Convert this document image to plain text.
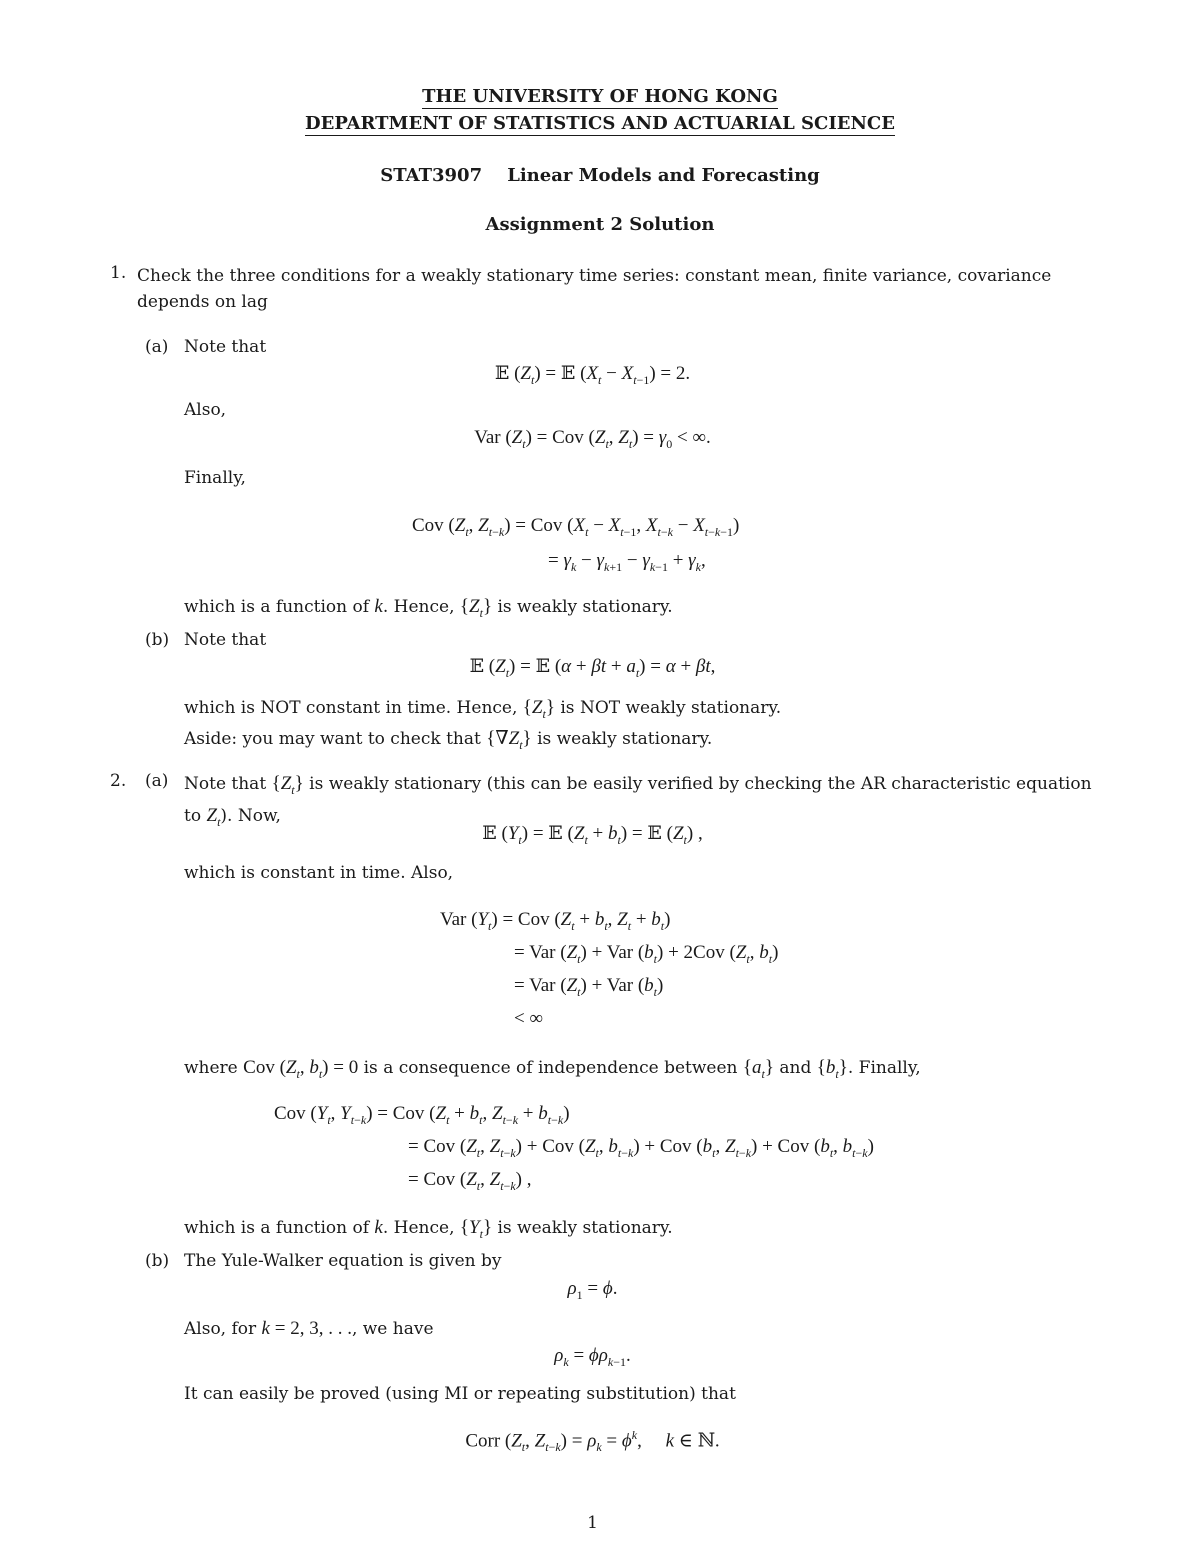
THE UNIVERSITY OF HONG KONG
DEPARTMENT OF STATISTICS AND ACTUARIAL SCIENCE
STAT3907 Linear Models and Forecasting
Assignment 2 Solution
1. Check the three conditions for a weakly stationary time series: constant mean, finite variance, covariance depends on lag
(a) Note that
𝔼 $(Z_t)$ = 𝔼 $(X_t - X_{t-1}) = 2$.
Also,
Var $(Z_t)$ = Cov ($Z_t$, $Z_t) = \gamma_0$ < ∞.
Finally,
Cov ($Z_t$, $Z_{t-k}$) = Cov ($X_t - X_{t-1}$, $X_{t-k} - X_{t-k-1}$)
= $\gamma_k - \gamma_{k+1} - \gamma_{k-1} + \gamma_k$,
which is a function of k. Hence, $\{Z_t\}$ is weakly stationary.
(b) Note that
𝔼 $(Z_t)$ = 𝔼 $(\alpha + \beta t + a_t) = \alpha + \beta t$,
which is NOT constant in time. Hence, $\{Z_t\}$ is NOT weakly stationary.
Aside: you may want to check that $\{\nabla Z_t\}$ is weakly stationary.
2. (a) Note that $\{Z_t\}$ is weakly stationary (this can be easily verified by checking the AR characteristic equation to $Z_t$). Now,
𝔼 $(Y_t)$ = 𝔼 $(Z_t + b_t)$ = 𝔼 $(Z_t)$ ,
which is constant in time. Also,
Var $(Y_t)$ = Cov ($Z_t + b_t$, $Z_t + b_t$)
= Var $(Z_t)$ + Var $(b_t) + 2Cov$ ($Z_t$, $b_t$)
= Var $(Z_t)$ + Var $(b_t)$
< ∞
where Cov ($Z_t$, $b_t) = 0$ is a consequence of independence between $\{a_t\}$ and $\{b_t\}$. Finally,
Cov ($Y_t$, $Y_{t-k}$) = Cov ($Z_t + b_t$, $Z_{t-k} + b_{t-k}$)
= Cov ($Z_t$, $Z_{t-k}$) + Cov ($Z_t$, $b_{t-k}$) + Cov ($b_t$, $Z_{t-k}$) + Cov ($b_t$, $b_{t-k}$)
= Cov ($Z_t$, $Z_{t-k}$) ,
which is a function of k. Hence, $\{Y_t\}$ is weakly stationary.
(b) The Yule-Walker equation is given by
$\rho_1 = \phi$.
Also, for k = 2, 3, . . ., we have
$\rho_k = \phi\rho_{k-1}$.
It can easily be proved (using MI or repeating substitution) that
Corr ($Z_t$, $Z_{t-k}) = \rho_k = \phi^k$,     k ∈ ℕ.
1
